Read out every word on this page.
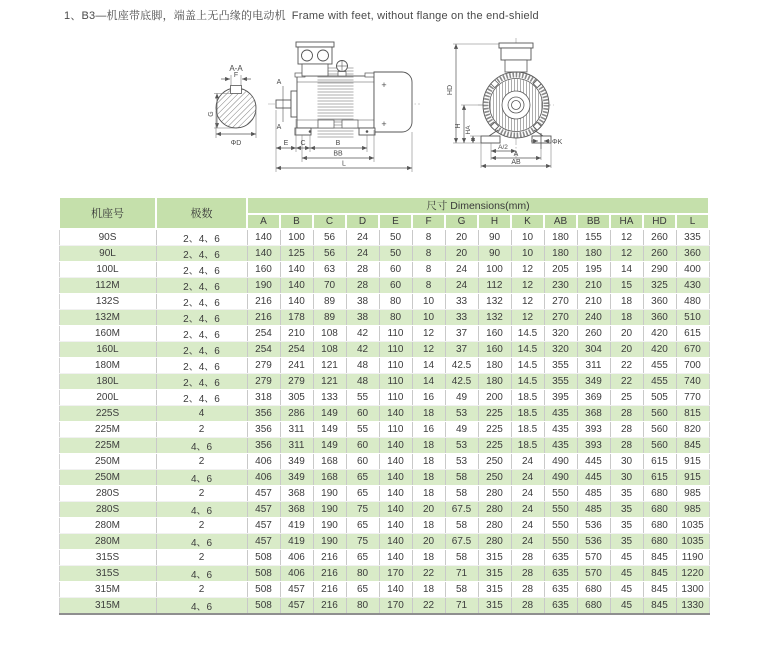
1、B3—机座带底脚，端盖上无凸缘的电动机 Frame with feet, without flange on the end-shield
A-A
F
G
ΦD
A
A
+
+
E C	B
BB
L
ΦK
HD
H HA
A/2
A
AB
机座号	极数	尺寸 Dimensions(mm)													
		A	B	C	D	E	F	G	H	K	AB	BB	HA	HD	L
90S	2、4、6	140	100	56	24	50	8	20	90	10	180	155	12	260	335
90L	2、4、6	140	125	56	24	50	8	20	90	10	180	180	12	260	360
100L	2、4、6	160	140	63	28	60	8	24	100	12	205	195	14	290	400
112M	2、4、6	190	140	70	28	60	8	24	112	12	230	210	15	325	430
132S	2、4、6	216	140	89	38	80	10	33	132	12	270	210	18	360	480
132M	2、4、6	216	178	89	38	80	10	33	132	12	270	240	18	360	510
160M	2、4、6	254	210	108	42	110	12	37	160	14.5	320	260	20	420	615
160L	2、4、6	254	254	108	42	110	12	37	160	14.5	320	304	20	420	670
180M	2、4、6	279	241	121	48	110	14	42.5	180	14.5	355	311	22	455	700
180L	2、4、6	279	279	121	48	110	14	42.5	180	14.5	355	349	22	455	740
200L	2、4、6	318	305	133	55	110	16	49	200	18.5	395	369	25	505	770
225S	4	356	286	149	60	140	18	53	225	18.5	435	368	28	560	815
225M	2	356	311	149	55	110	16	49	225	18.5	435	393	28	560	820
225M	4、6	356	311	149	60	140	18	53	225	18.5	435	393	28	560	845
250M	2	406	349	168	60	140	18	53	250	24	490	445	30	615	915
250M	4、6	406	349	168	65	140	18	58	250	24	490	445	30	615	915
280S	2	457	368	190	65	140	18	58	280	24	550	485	35	680	985
280S	4、6	457	368	190	75	140	20	67.5	280	24	550	485	35	680	985
280M	2	457	419	190	65	140	18	58	280	24	550	536	35	680	1035
280M	4、6	457	419	190	75	140	20	67.5	280	24	550	536	35	680	1035
315S	2	508	406	216	65	140	18	58	315	28	635	570	45	845	1190
315S	4、6	508	406	216	80	170	22	71	315	28	635	570	45	845	1220
315M	2	508	457	216	65	140	18	58	315	28	635	680	45	845	1300
315M	4、6	508	457	216	80	170	22	71	315	28	635	680	45	845	1330
